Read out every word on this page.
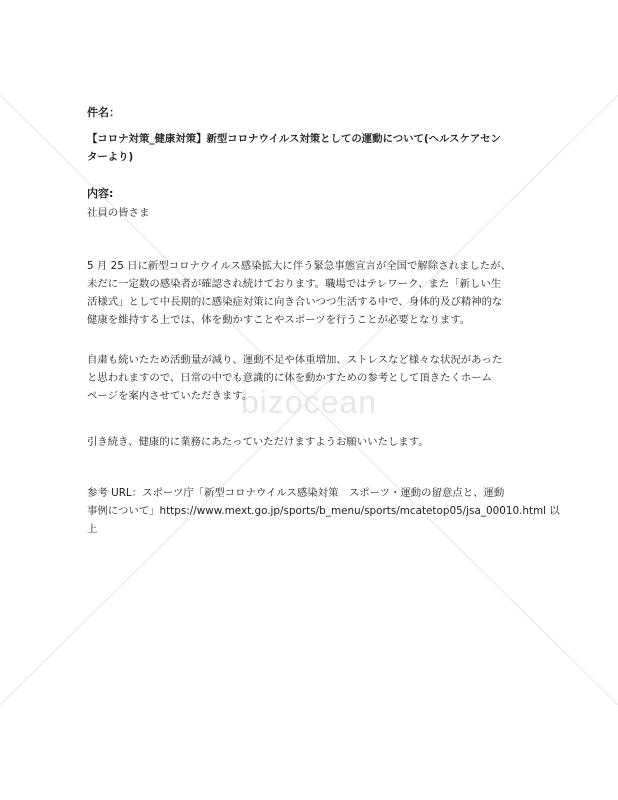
bizocean

件名：

【コロナ対策_健康対策】新型コロナウイルス対策としての運動について(ヘルスケアセン
ターより)

内容:

社員の皆さま
5 月 25 日に新型コロナウイルス感染拡大に伴う緊急事態宣言が全国で解除されましたが、
未だに一定数の感染者が確認され続けております。職場ではテレワーク、また「新しい生
活様式」として中長期的に感染症対策に向き合いつつ生活する中で、身体的及び精神的な
健康を維持する上では、体を動かすことやスポーツを行うことが必要となります。
自粛も続いたため活動量が減り、運動不足や体重増加、ストレスなど様々な状況があった
と思われますので、日常の中でも意識的に体を動かすための参考として頂きたくホーム
ページを案内させていただきます。
引き続き、健康的に業務にあたっていただけますようお願いいたします。
参考 URL：スポーツ庁「新型コロナウイルス感染対策　スポーツ・運動の留意点と、運動
事例について」https://www.mext.go.jp/sports/b_menu/sports/mcatetop05/jsa_00010.html 以
上
